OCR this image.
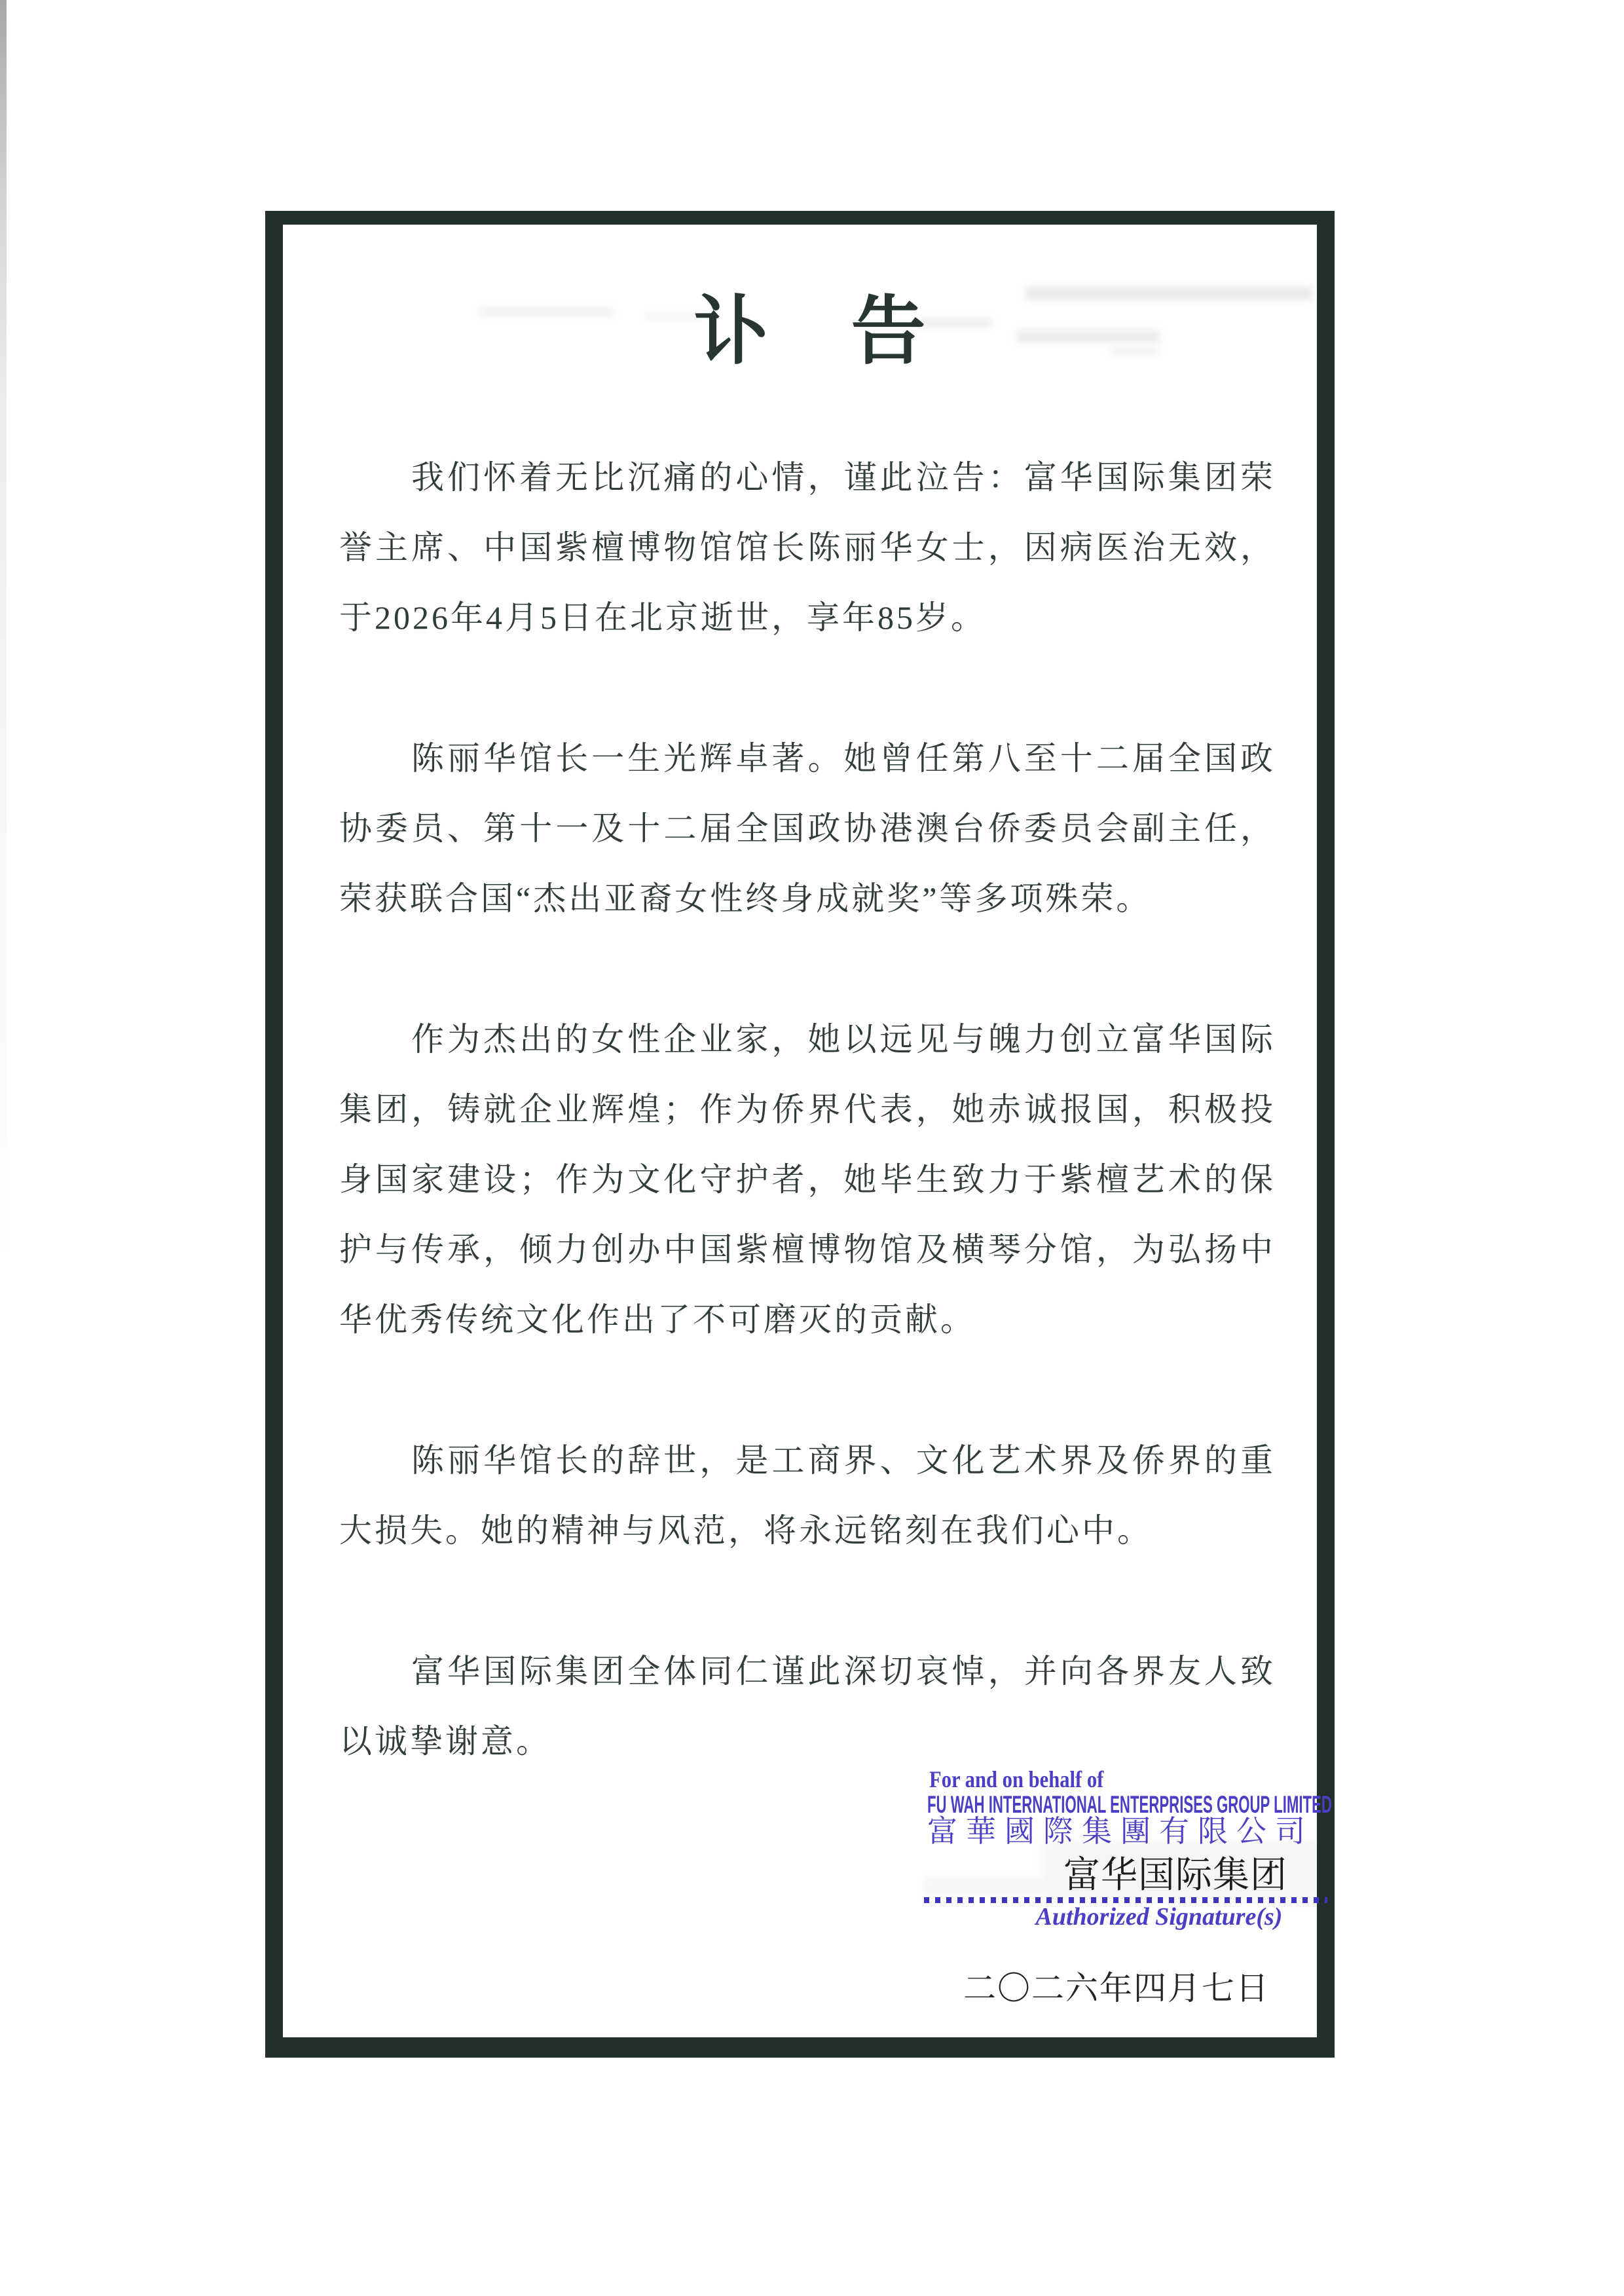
讣　告

我们怀着无比沉痛的心情，谨此泣告：富华国际集团荣誉主席、中国紫檀博物馆馆长陈丽华女士，因病医治无效，于2026年4月5日在北京逝世，享年85岁。

陈丽华馆长一生光辉卓著。她曾任第八至十二届全国政协委员、第十一及十二届全国政协港澳台侨委员会副主任，荣获联合国“杰出亚裔女性终身成就奖”等多项殊荣。

作为杰出的女性企业家，她以远见与魄力创立富华国际集团，铸就企业辉煌；作为侨界代表，她赤诚报国，积极投身国家建设；作为文化守护者，她毕生致力于紫檀艺术的保护与传承，倾力创办中国紫檀博物馆及横琴分馆，为弘扬中华优秀传统文化作出了不可磨灭的贡献。

陈丽华馆长的辞世，是工商界、文化艺术界及侨界的重大损失。她的精神与风范，将永远铭刻在我们心中。

富华国际集团全体同仁谨此深切哀悼，并向各界友人致以诚挚谢意。

For and on behalf of
FU WAH INTERNATIONAL ENTERPRISES GROUP LIMITED
富華國際集團有限公司
富华国际集团
Authorized Signature(s)
二〇二六年四月七日
